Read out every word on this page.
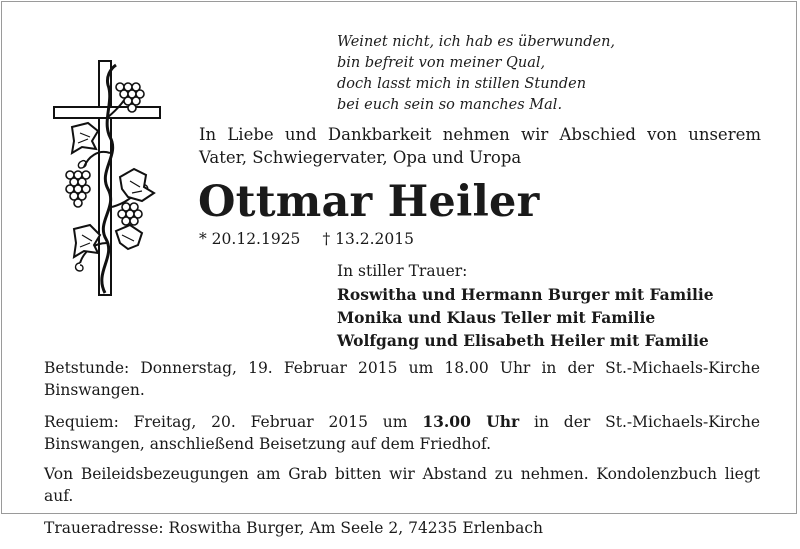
Weinet nicht, ich hab es überwunden,
bin befreit von meiner Qual,
doch lasst mich in stillen Stunden
bei euch sein so manches Mal.
In Liebe und Dankbarkeit nehmen wir Abschied von unserem Vater, Schwiegervater, Opa und Uropa
Ottmar Heiler
* 20.12.1925 † 13.2.2015
In stiller Trauer:
Roswitha und Hermann Burger mit Familie
Monika und Klaus Teller mit Familie
Wolfgang und Elisabeth Heiler mit Familie

Betstunde: Donnerstag, 19. Februar 2015 um 18.00 Uhr in der St.-Michaels-Kirche Binswangen.

Requiem: Freitag, 20. Februar 2015 um 13.00 Uhr in der St.-Michaels-Kirche Binswangen, anschließend Beisetzung auf dem Friedhof.

Von Beileidsbezeugungen am Grab bitten wir Abstand zu nehmen. Kondolenzbuch liegt auf.

Traueradresse: Roswitha Burger, Am Seele 2, 74235 Erlenbach
